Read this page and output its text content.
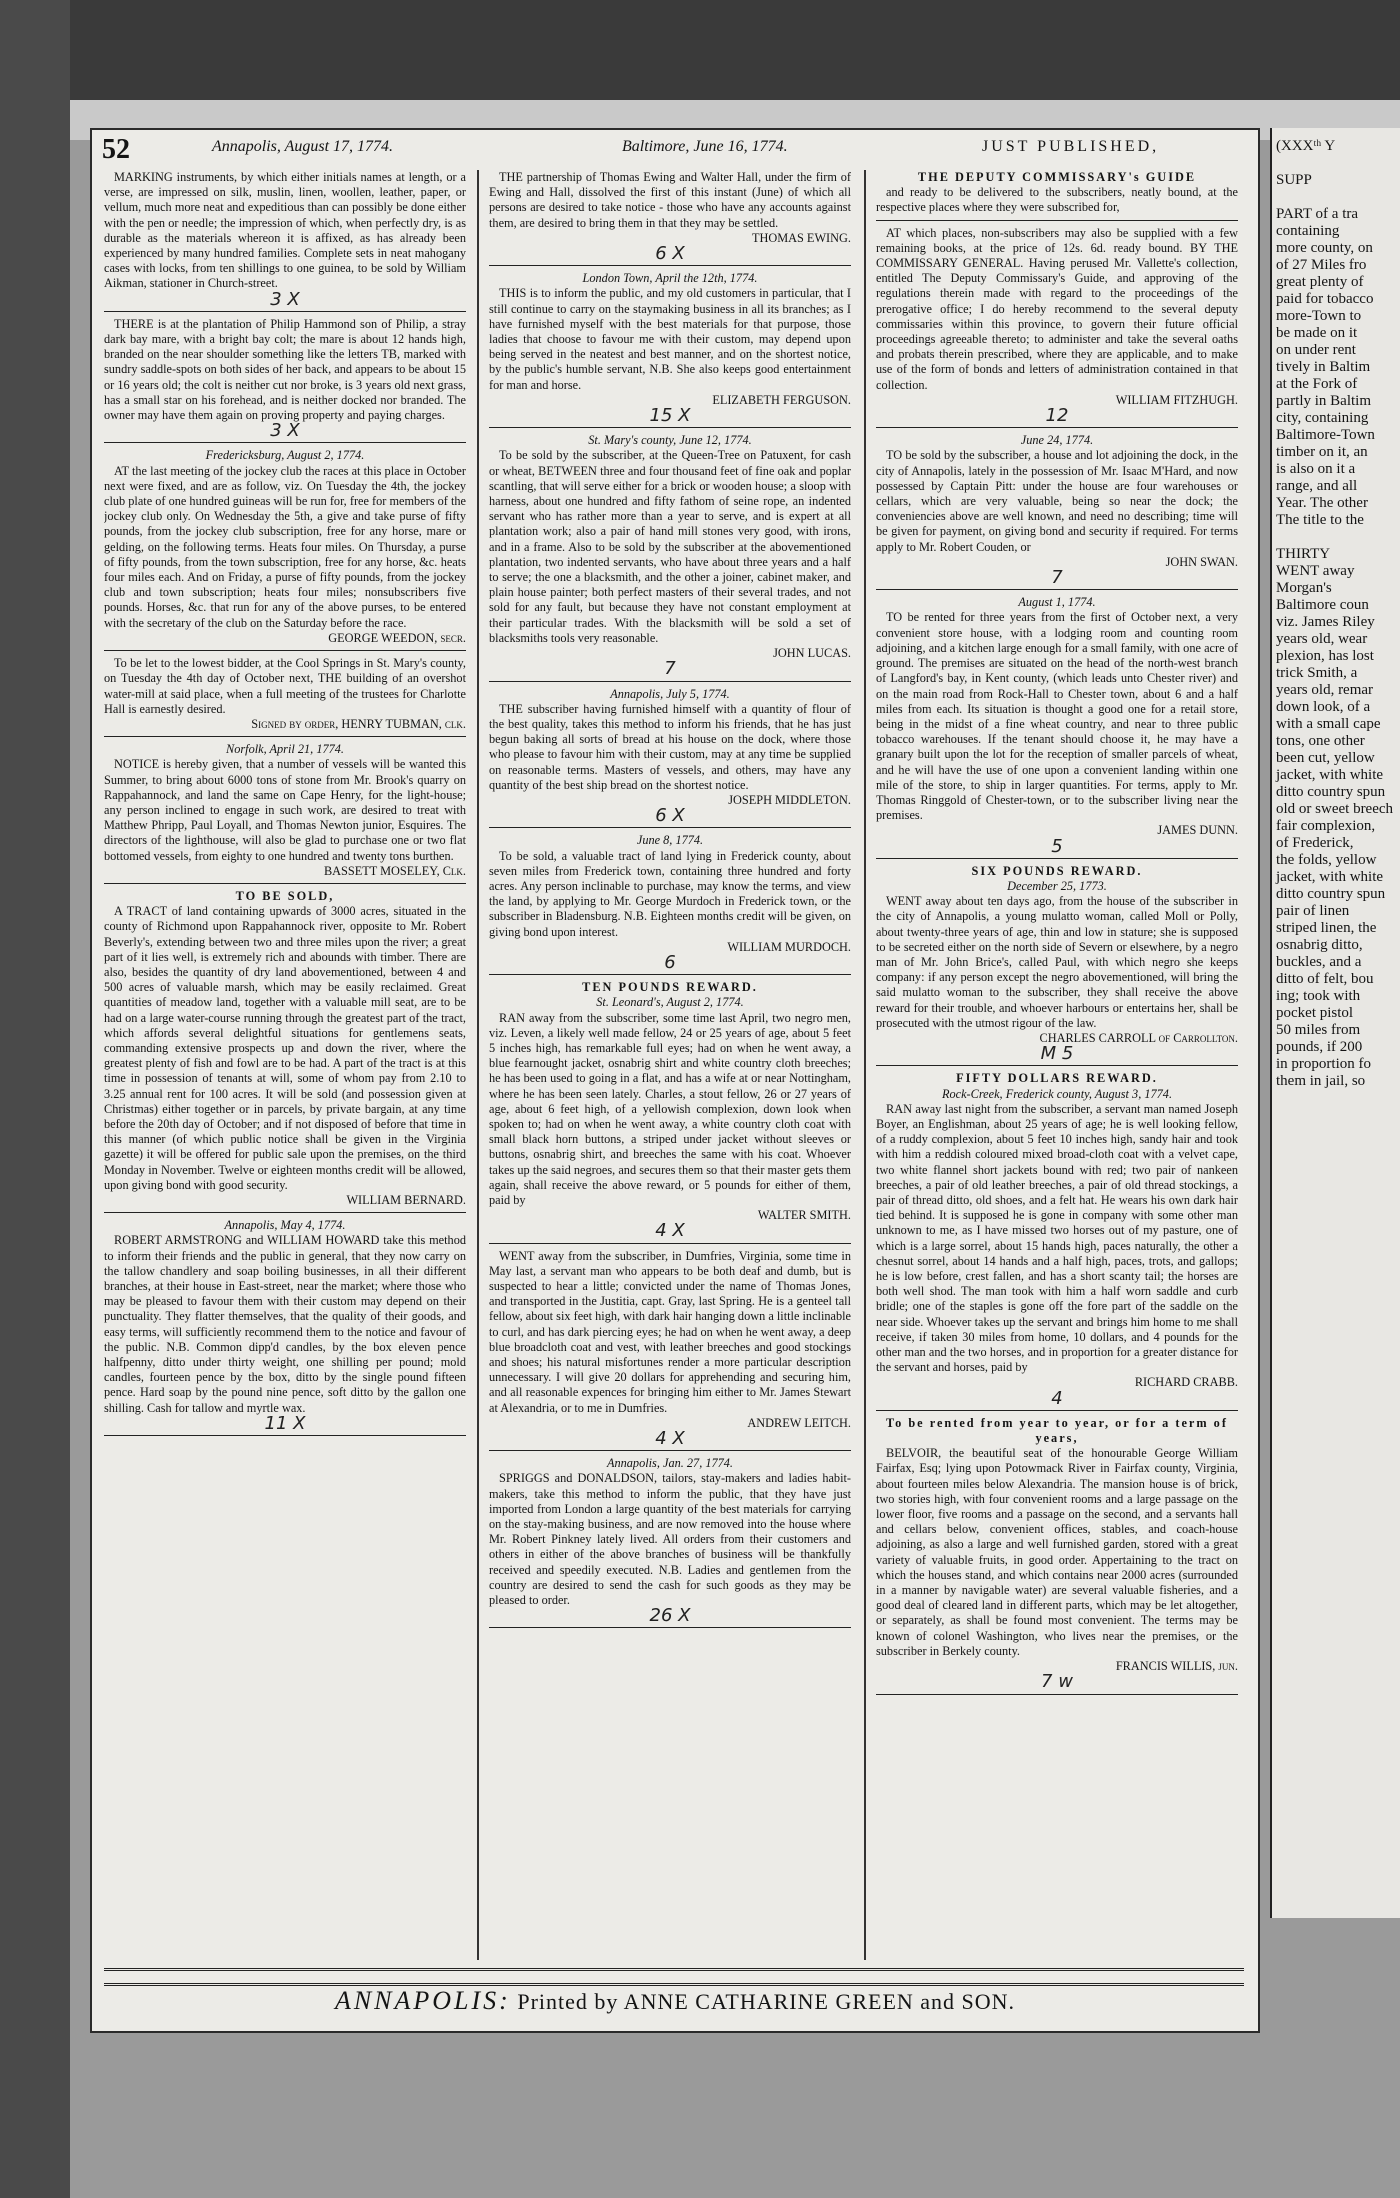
52	Annapolis, August 17, 1774.	Baltimore, June 16, 1774.	JUST PUBLISHED,

MARKING instruments, by which either initials names at length, or a verse, are impressed on silk, muslin, linen, woollen, leather, paper, or vellum, much more neat and expeditious than can possibly be done either with the pen or needle; the impression of which, when perfectly dry, is as durable as the materials whereon it is affixed, as has already been experienced by many hundred families. Complete sets in neat mahogany cases with locks, from ten shillings to one guinea, to be sold by William Aikman, stationer in Church-street.

3 X

THERE is at the plantation of Philip Hammond son of Philip, a stray dark bay mare, with a bright bay colt; the mare is about 12 hands high, branded on the near shoulder something like the letters TB, marked with sundry saddle-spots on both sides of her back, and appears to be about 15 or 16 years old; the colt is neither cut nor broke, is 3 years old next grass, has a small star on his forehead, and is neither docked nor branded. The owner may have them again on proving property and paying charges.

3 X

Fredericksburg, August 2, 1774.

AT the last meeting of the jockey club the races at this place in October next were fixed, and are as follow, viz. On Tuesday the 4th, the jockey club plate of one hundred guineas will be run for, free for members of the jockey club only. On Wednesday the 5th, a give and take purse of fifty pounds, from the jockey club subscription, free for any horse, mare or gelding, on the following terms. Heats four miles. On Thursday, a purse of fifty pounds, from the town subscription, free for any horse, &c. heats four miles each. And on Friday, a purse of fifty pounds, from the jockey club and town subscription; heats four miles; nonsubscribers five pounds. Horses, &c. that run for any of the above purses, to be entered with the secretary of the club on the Saturday before the race.

GEORGE WEEDON, secr.

To be let to the lowest bidder, at the Cool Springs in St. Mary's county, on Tuesday the 4th day of October next, THE building of an overshot water-mill at said place, when a full meeting of the trustees for Charlotte Hall is earnestly desired.

Signed by order, HENRY TUBMAN, clk.

Norfolk, April 21, 1774.

NOTICE is hereby given, that a number of vessels will be wanted this Summer, to bring about 6000 tons of stone from Mr. Brook's quarry on Rappahannock, and land the same on Cape Henry, for the light-house; any person inclined to engage in such work, are desired to treat with Matthew Phripp, Paul Loyall, and Thomas Newton junior, Esquires. The directors of the lighthouse, will also be glad to purchase one or two flat bottomed vessels, from eighty to one hundred and twenty tons burthen.

BASSETT MOSELEY, Clk.

TO BE SOLD,

A TRACT of land containing upwards of 3000 acres, situated in the county of Richmond upon Rappahannock river, opposite to Mr. Robert Beverly's, extending between two and three miles upon the river; a great part of it lies well, is extremely rich and abounds with timber. There are also, besides the quantity of dry land abovementioned, between 4 and 500 acres of valuable marsh, which may be easily reclaimed. Great quantities of meadow land, together with a valuable mill seat, are to be had on a large water-course running through the greatest part of the tract, which affords several delightful situations for gentlemens seats, commanding extensive prospects up and down the river, where the greatest plenty of fish and fowl are to be had. A part of the tract is at this time in possession of tenants at will, some of whom pay from 2.10 to 3.25 annual rent for 100 acres. It will be sold (and possession given at Christmas) either together or in parcels, by private bargain, at any time before the 20th day of October; and if not disposed of before that time in this manner (of which public notice shall be given in the Virginia gazette) it will be offered for public sale upon the premises, on the third Monday in November. Twelve or eighteen months credit will be allowed, upon giving bond with good security.

WILLIAM BERNARD.

Annapolis, May 4, 1774.

ROBERT ARMSTRONG and WILLIAM HOWARD take this method to inform their friends and the public in general, that they now carry on the tallow chandlery and soap boiling businesses, in all their different branches, at their house in East-street, near the market; where those who may be pleased to favour them with their custom may depend on their punctuality. They flatter themselves, that the quality of their goods, and easy terms, will sufficiently recommend them to the notice and favour of the public. N.B. Common dipp'd candles, by the box eleven pence halfpenny, ditto under thirty weight, one shilling per pound; mold candles, fourteen pence by the box, ditto by the single pound fifteen pence. Hard soap by the pound nine pence, soft ditto by the gallon one shilling. Cash for tallow and myrtle wax.

11 X

THE partnership of Thomas Ewing and Walter Hall, under the firm of Ewing and Hall, dissolved the first of this instant (June) of which all persons are desired to take notice - those who have any accounts against them, are desired to bring them in that they may be settled.

THOMAS EWING.

6 X

London Town, April the 12th, 1774.

THIS is to inform the public, and my old customers in particular, that I still continue to carry on the staymaking business in all its branches; as I have furnished myself with the best materials for that purpose, those ladies that choose to favour me with their custom, may depend upon being served in the neatest and best manner, and on the shortest notice, by the public's humble servant, N.B. She also keeps good entertainment for man and horse.

ELIZABETH FERGUSON.

15 X

St. Mary's county, June 12, 1774.

To be sold by the subscriber, at the Queen-Tree on Patuxent, for cash or wheat, BETWEEN three and four thousand feet of fine oak and poplar scantling, that will serve either for a brick or wooden house; a sloop with harness, about one hundred and fifty fathom of seine rope, an indented servant who has rather more than a year to serve, and is expert at all plantation work; also a pair of hand mill stones very good, with irons, and in a frame. Also to be sold by the subscriber at the abovementioned plantation, two indented servants, who have about three years and a half to serve; the one a blacksmith, and the other a joiner, cabinet maker, and plain house painter; both perfect masters of their several trades, and not sold for any fault, but because they have not constant employment at their particular trades. With the blacksmith will be sold a set of blacksmiths tools very reasonable.

JOHN LUCAS.

7

Annapolis, July 5, 1774.

THE subscriber having furnished himself with a quantity of flour of the best quality, takes this method to inform his friends, that he has just begun baking all sorts of bread at his house on the dock, where those who please to favour him with their custom, may at any time be supplied on reasonable terms. Masters of vessels, and others, may have any quantity of the best ship bread on the shortest notice.

JOSEPH MIDDLETON.

6 X

June 8, 1774.

To be sold, a valuable tract of land lying in Frederick county, about seven miles from Frederick town, containing three hundred and forty acres. Any person inclinable to purchase, may know the terms, and view the land, by applying to Mr. George Murdoch in Frederick town, or the subscriber in Bladensburg. N.B. Eighteen months credit will be given, on giving bond upon interest.

WILLIAM MURDOCH.

6

TEN POUNDS REWARD.

St. Leonard's, August 2, 1774.

RAN away from the subscriber, some time last April, two negro men, viz. Leven, a likely well made fellow, 24 or 25 years of age, about 5 feet 5 inches high, has remarkable full eyes; had on when he went away, a blue fearnought jacket, osnabrig shirt and white country cloth breeches; he has been used to going in a flat, and has a wife at or near Nottingham, where he has been seen lately. Charles, a stout fellow, 26 or 27 years of age, about 6 feet high, of a yellowish complexion, down look when spoken to; had on when he went away, a white country cloth coat with small black horn buttons, a striped under jacket without sleeves or buttons, osnabrig shirt, and breeches the same with his coat. Whoever takes up the said negroes, and secures them so that their master gets them again, shall receive the above reward, or 5 pounds for either of them, paid by

WALTER SMITH.

4 X

WENT away from the subscriber, in Dumfries, Virginia, some time in May last, a servant man who appears to be both deaf and dumb, but is suspected to hear a little; convicted under the name of Thomas Jones, and transported in the Justitia, capt. Gray, last Spring. He is a genteel tall fellow, about six feet high, with dark hair hanging down a little inclinable to curl, and has dark piercing eyes; he had on when he went away, a deep blue broadcloth coat and vest, with leather breeches and good stockings and shoes; his natural misfortunes render a more particular description unnecessary. I will give 20 dollars for apprehending and securing him, and all reasonable expences for bringing him either to Mr. James Stewart at Alexandria, or to me in Dumfries.

ANDREW LEITCH.

4 X

Annapolis, Jan. 27, 1774.

SPRIGGS and DONALDSON, tailors, stay-makers and ladies habit-makers, take this method to inform the public, that they have just imported from London a large quantity of the best materials for carrying on the stay-making business, and are now removed into the house where Mr. Robert Pinkney lately lived. All orders from their customers and others in either of the above branches of business will be thankfully received and speedily executed. N.B. Ladies and gentlemen from the country are desired to send the cash for such goods as they may be pleased to order.

26 X

THE DEPUTY COMMISSARY's GUIDE

and ready to be delivered to the subscribers, neatly bound, at the respective places where they were subscribed for,

AT which places, non-subscribers may also be supplied with a few remaining books, at the price of 12s. 6d. ready bound. BY THE COMMISSARY GENERAL. Having perused Mr. Vallette's collection, entitled The Deputy Commissary's Guide, and approving of the regulations therein made with regard to the proceedings of the prerogative office; I do hereby recommend to the several deputy commissaries within this province, to govern their future official proceedings agreeable thereto; to administer and take the several oaths and probats therein prescribed, where they are applicable, and to make use of the form of bonds and letters of administration contained in that collection.

WILLIAM FITZHUGH.

12

June 24, 1774.

TO be sold by the subscriber, a house and lot adjoining the dock, in the city of Annapolis, lately in the possession of Mr. Isaac M'Hard, and now possessed by Captain Pitt: under the house are four warehouses or cellars, which are very valuable, being so near the dock; the conveniencies above are well known, and need no describing; time will be given for payment, on giving bond and security if required. For terms apply to Mr. Robert Couden, or

JOHN SWAN.

7

August 1, 1774.

TO be rented for three years from the first of October next, a very convenient store house, with a lodging room and counting room adjoining, and a kitchen large enough for a small family, with one acre of ground. The premises are situated on the head of the north-west branch of Langford's bay, in Kent county, (which leads unto Chester river) and on the main road from Rock-Hall to Chester town, about 6 and a half miles from each. Its situation is thought a good one for a retail store, being in the midst of a fine wheat country, and near to three public tobacco warehouses. If the tenant should choose it, he may have a granary built upon the lot for the reception of smaller parcels of wheat, and he will have the use of one upon a convenient landing within one mile of the store, to ship in larger quantities. For terms, apply to Mr. Thomas Ringgold of Chester-town, or to the subscriber living near the premises.

JAMES DUNN.

5

SIX POUNDS REWARD.

December 25, 1773.

WENT away about ten days ago, from the house of the subscriber in the city of Annapolis, a young mulatto woman, called Moll or Polly, about twenty-three years of age, thin and low in stature; she is supposed to be secreted either on the north side of Severn or elsewhere, by a negro man of Mr. John Brice's, called Paul, with which negro she keeps company: if any person except the negro abovementioned, will bring the said mulatto woman to the subscriber, they shall receive the above reward for their trouble, and whoever harbours or entertains her, shall be prosecuted with the utmost rigour of the law.

CHARLES CARROLL of Carrollton.

M 5

FIFTY DOLLARS REWARD.

Rock-Creek, Frederick county, August 3, 1774.

RAN away last night from the subscriber, a servant man named Joseph Boyer, an Englishman, about 25 years of age; he is well looking fellow, of a ruddy complexion, about 5 feet 10 inches high, sandy hair and took with him a reddish coloured mixed broad-cloth coat with a velvet cape, two white flannel short jackets bound with red; two pair of nankeen breeches, a pair of old leather breeches, a pair of old thread stockings, a pair of thread ditto, old shoes, and a felt hat. He wears his own dark hair tied behind. It is supposed he is gone in company with some other man unknown to me, as I have missed two horses out of my pasture, one of which is a large sorrel, about 15 hands high, paces naturally, the other a chesnut sorrel, about 14 hands and a half high, paces, trots, and gallops; he is low before, crest fallen, and has a short scanty tail; the horses are both well shod. The man took with him a half worn saddle and curb bridle; one of the staples is gone off the fore part of the saddle on the near side. Whoever takes up the servant and brings him home to me shall receive, if taken 30 miles from home, 10 dollars, and 4 pounds for the other man and the two horses, and in proportion for a greater distance for the servant and horses, paid by

RICHARD CRABB.

4

To be rented from year to year, or for a term of years,

BELVOIR, the beautiful seat of the honourable George William Fairfax, Esq; lying upon Potowmack River in Fairfax county, Virginia, about fourteen miles below Alexandria. The mansion house is of brick, two stories high, with four convenient rooms and a large passage on the lower floor, five rooms and a passage on the second, and a servants hall and cellars below, convenient offices, stables, and coach-house adjoining, as also a large and well furnished garden, stored with a great variety of valuable fruits, in good order. Appertaining to the tract on which the houses stand, and which contains near 2000 acres (surrounded in a manner by navigable water) are several valuable fisheries, and a good deal of cleared land in different parts, which may be let altogether, or separately, as shall be found most convenient. The terms may be known of colonel Washington, who lives near the premises, or the subscriber in Berkely county.

FRANCIS WILLIS, jun.

7 w

ANNAPOLIS: Printed by ANNE CATHARINE GREEN and SON.
(XXXᵗʰ Y

SUPP

PART of a tra
containing
more county, on
of 27 Miles fro
great plenty of
paid for tobacco
more-Town to
be made on it
on under rent
tively in Baltim
at the Fork of
partly in Baltim
city, containing
Baltimore-Town
timber on it, an
is also on it a
range, and all
Year. The other
The title to the

THIRTY
WENT away
Morgan's
Baltimore coun
viz. James Riley
years old, wear
plexion, has lost
trick Smith, a
years old, remar
down look, of a
with a small cape
tons, one other
been cut, yellow
jacket, with white
ditto country spun
old or sweet breech
fair complexion,
of Frederick,
the folds, yellow
jacket, with white
ditto country spun
pair of linen
striped linen, the
osnabrig ditto,
buckles, and a
ditto of felt, bou
ing; took with
pocket pistol
50 miles from
pounds, if 200
in proportion fo
them in jail, so
